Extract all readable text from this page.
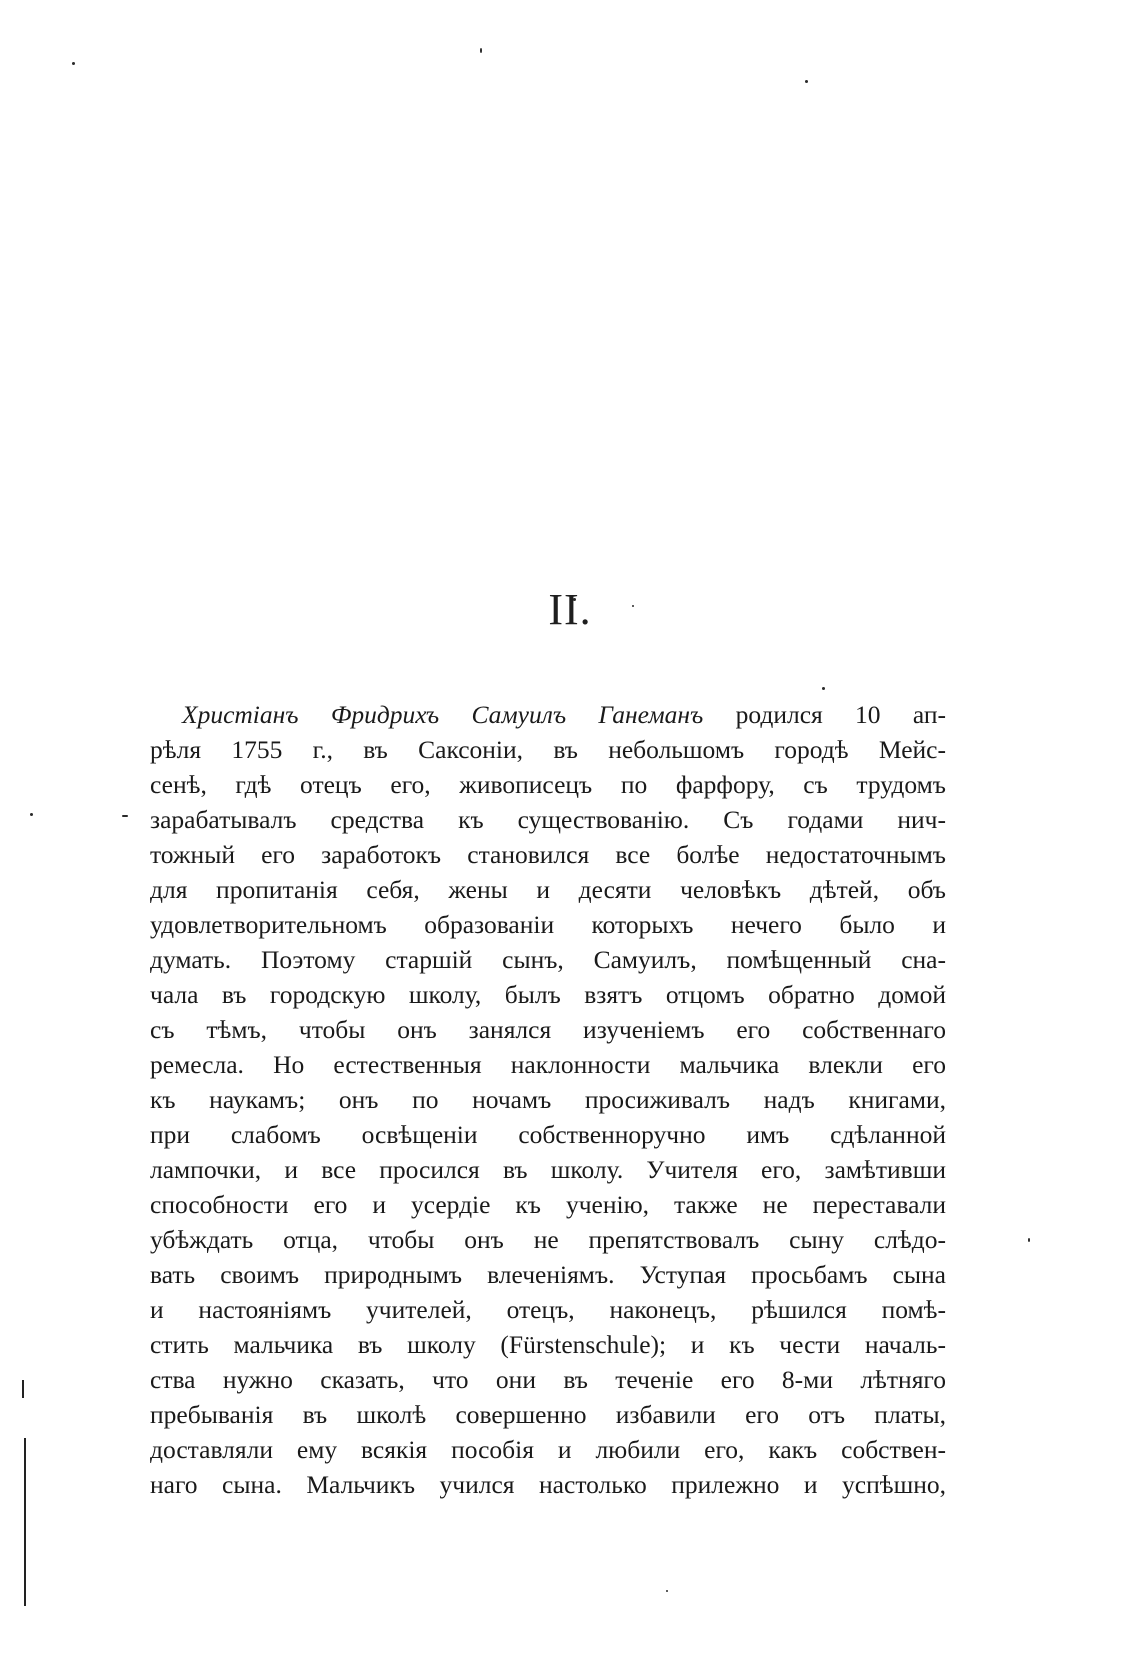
II.
Христіанъ Фридрихъ Самуилъ Ганеманъ родился 10 ап-
рѣля 1755 г., въ Саксоніи, въ небольшомъ городѣ Мейс-
сенѣ, гдѣ отецъ его, живописецъ по фарфору, съ трудомъ
зарабатывалъ средства къ существованію. Съ годами нич-
тожный его заработокъ становился все болѣе недостаточнымъ
для пропитанія себя, жены и десяти человѣкъ дѣтей, объ
удовлетворительномъ образованіи которыхъ нечего было и
думать. Поэтому старшій сынъ, Самуилъ, помѣщенный сна-
чала въ городскую школу, былъ взятъ отцомъ обратно домой
съ тѣмъ, чтобы онъ занялся изученіемъ его собственнаго
ремесла. Но естественныя наклонности мальчика влекли его
къ наукамъ; онъ по ночамъ просиживалъ надъ книгами,
при слабомъ освѣщеніи собственноручно имъ сдѣланной
лампочки, и все просился въ школу. Учителя его, замѣтивши
способности его и усердіе къ ученію, также не переставали
убѣждать отца, чтобы онъ не препятствовалъ сыну слѣдо-
вать своимъ природнымъ влеченіямъ. Уступая просьбамъ сына
и настояніямъ учителей, отецъ, наконецъ, рѣшился помѣ-
стить мальчика въ школу (Fürstenschule); и къ чести началь-
ства нужно сказать, что они въ теченіе его 8-ми лѣтняго
пребыванія въ школѣ совершенно избавили его отъ платы,
доставляли ему всякія пособія и любили его, какъ собствен-
наго сына. Мальчикъ учился настолько прилежно и успѣшно,
